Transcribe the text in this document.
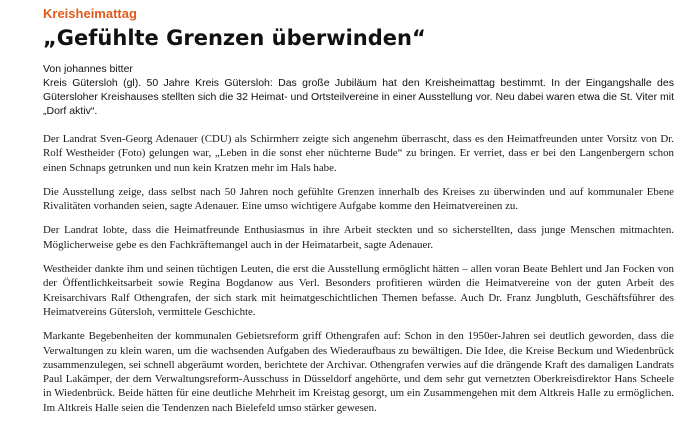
Kreisheimattag

„Gefühlte Grenzen überwinden“
Von johannes bitter
Kreis Gütersloh (gl). 50 Jahre Kreis Gütersloh: Das große Jubiläum hat den Kreisheimattag bestimmt. In der Eingangshalle des Gütersloher Kreishauses stellten sich die 32 Heimat- und Ortsteilvereine in einer Ausstellung vor. Neu dabei waren etwa die St. Viter mit „Dorf aktiv“.

Der Landrat Sven-Georg Adenauer (CDU) als Schirmherr zeigte sich angenehm überrascht, dass es den Heimatfreunden unter Vorsitz von Dr. Rolf Westheider (Foto) gelungen war, „Leben in die sonst eher nüchterne Bude“ zu bringen. Er verriet, dass er bei den Langenbergern schon einen Schnaps getrunken und nun kein Kratzen mehr im Hals habe.

Die Ausstellung zeige, dass selbst nach 50 Jahren noch gefühlte Grenzen innerhalb des Kreises zu überwinden und auf kommunaler Ebene Rivalitäten vorhanden seien, sagte Adenauer. Eine umso wichtigere Aufgabe komme den Heimatvereinen zu.

Der Landrat lobte, dass die Heimatfreunde Enthusiasmus in ihre Arbeit steckten und so sicherstellten, dass junge Menschen mitmachten. Möglicherweise gebe es den Fachkräftemangel auch in der Heimatarbeit, sagte Adenauer.

Westheider dankte ihm und seinen tüchtigen Leuten, die erst die Ausstellung ermöglicht hätten – allen voran Beate Behlert und Jan Focken von der Öffentlichkeitsarbeit sowie Regina Bogdanow aus Verl. Besonders profitieren würden die Heimatvereine von der guten Arbeit des Kreisarchivars Ralf Othengrafen, der sich stark mit heimatgeschichtlichen Themen befasse. Auch Dr. Franz Jungbluth, Geschäftsführer des Heimatvereins Gütersloh, vermittele Geschichte.

Markante Begebenheiten der kommunalen Gebietsreform griff Othengrafen auf: Schon in den 1950er-Jahren sei deutlich geworden, dass die Verwaltungen zu klein waren, um die wachsenden Aufgaben des Wiederaufbaus zu bewältigen. Die Idee, die Kreise Beckum und Wiedenbrück zusammenzulegen, sei schnell abgeräumt worden, berichtete der Archivar. Othengrafen verwies auf die drängende Kraft des damaligen Landrats Paul Lakämper, der dem Verwaltungsreform-Ausschuss in Düsseldorf angehörte, und dem sehr gut vernetzten Oberkreisdirektor Hans Scheele in Wiedenbrück. Beide hätten für eine deutliche Mehrheit im Kreistag gesorgt, um ein Zusammengehen mit dem Altkreis Halle zu ermöglichen. Im Altkreis Halle seien die Tendenzen nach Bielefeld umso stärker gewesen.
